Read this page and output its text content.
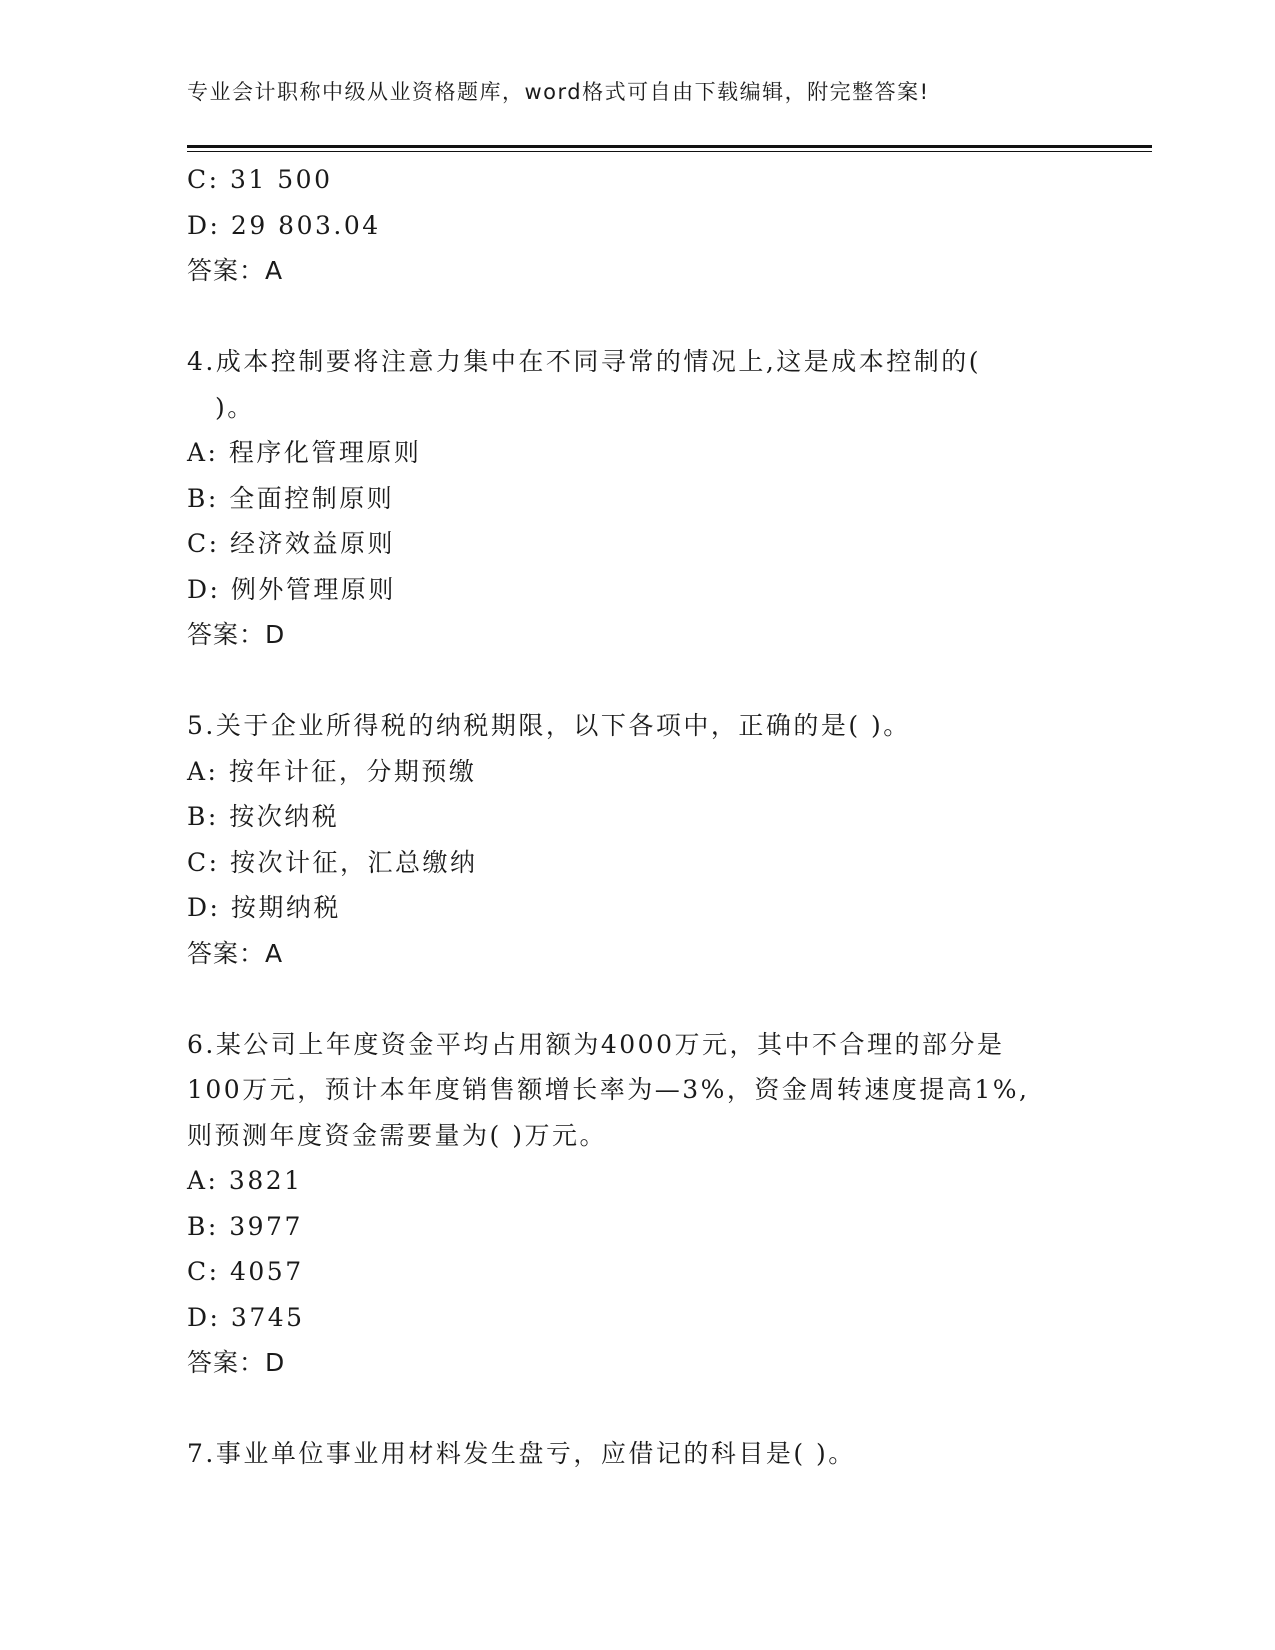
专业会计职称中级从业资格题库，word格式可自由下载编辑，附完整答案!
C: 31 500
D: 29 803.04
答案：A
4.成本控制要将注意力集中在不同寻常的情况上,这是成本控制的(
)。
A: 程序化管理原则
B: 全面控制原则
C: 经济效益原则
D: 例外管理原则
答案：D
5.关于企业所得税的纳税期限，以下各项中，正确的是( )。
A: 按年计征，分期预缴
B: 按次纳税
C: 按次计征，汇总缴纳
D: 按期纳税
答案：A
6.某公司上年度资金平均占用额为4000万元，其中不合理的部分是
100万元，预计本年度销售额增长率为—3%，资金周转速度提高1%,
则预测年度资金需要量为( )万元。
A: 3821
B: 3977
C: 4057
D: 3745
答案：D
7.事业单位事业用材料发生盘亏，应借记的科目是( )。
